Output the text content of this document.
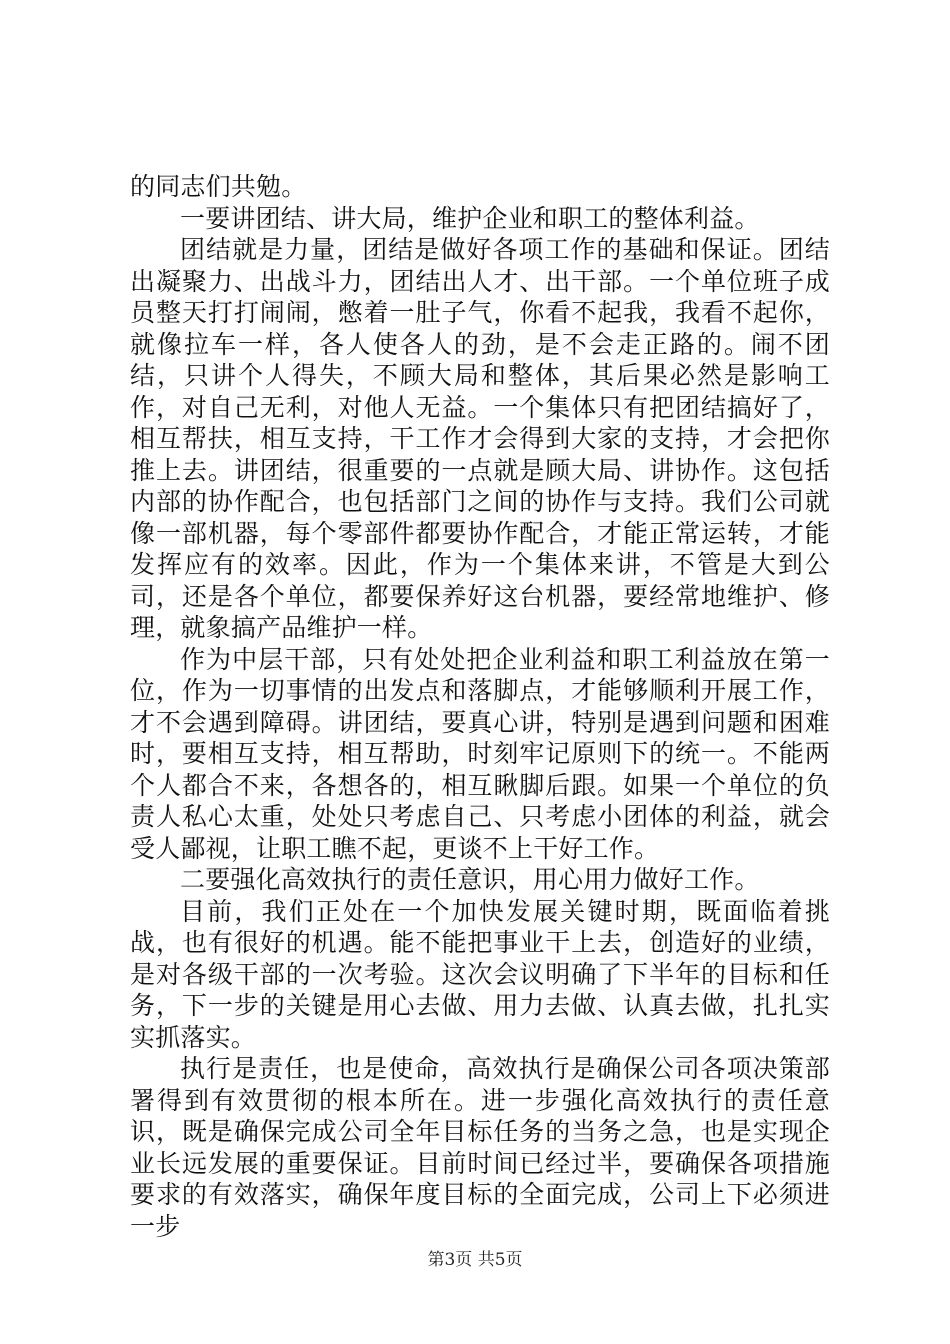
的同志们共勉。

一要讲团结、讲大局，维护企业和职工的整体利益。

团结就是力量，团结是做好各项工作的基础和保证。团结出凝聚力、出战斗力，团结出人才、出干部。一个单位班子成员整天打打闹闹，憋着一肚子气，你看不起我，我看不起你，就像拉车一样，各人使各人的劲，是不会走正路的。闹不团结，只讲个人得失，不顾大局和整体，其后果必然是影响工作，对自己无利，对他人无益。一个集体只有把团结搞好了，相互帮扶，相互支持，干工作才会得到大家的支持，才会把你推上去。讲团结，很重要的一点就是顾大局、讲协作。这包括内部的协作配合，也包括部门之间的协作与支持。我们公司就像一部机器，每个零部件都要协作配合，才能正常运转，才能发挥应有的效率。因此，作为一个集体来讲，不管是大到公司，还是各个单位，都要保养好这台机器，要经常地维护、修理，就象搞产品维护一样。

作为中层干部，只有处处把企业利益和职工利益放在第一位，作为一切事情的出发点和落脚点，才能够顺利开展工作，才不会遇到障碍。讲团结，要真心讲，特别是遇到问题和困难时，要相互支持，相互帮助，时刻牢记原则下的统一。不能两个人都合不来，各想各的，相互瞅脚后跟。如果一个单位的负责人私心太重，处处只考虑自己、只考虑小团体的利益，就会受人鄙视，让职工瞧不起，更谈不上干好工作。

二要强化高效执行的责任意识，用心用力做好工作。

目前，我们正处在一个加快发展关键时期，既面临着挑战，也有很好的机遇。能不能把事业干上去，创造好的业绩，是对各级干部的一次考验。这次会议明确了下半年的目标和任务，下一步的关键是用心去做、用力去做、认真去做，扎扎实实抓落实。

执行是责任，也是使命，高效执行是确保公司各项决策部署得到有效贯彻的根本所在。进一步强化高效执行的责任意识，既是确保完成公司全年目标任务的当务之急，也是实现企业长远发展的重要保证。目前时间已经过半，要确保各项措施要求的有效落实，确保年度目标的全面完成，公司上下必须进一步

第3页 共5页
